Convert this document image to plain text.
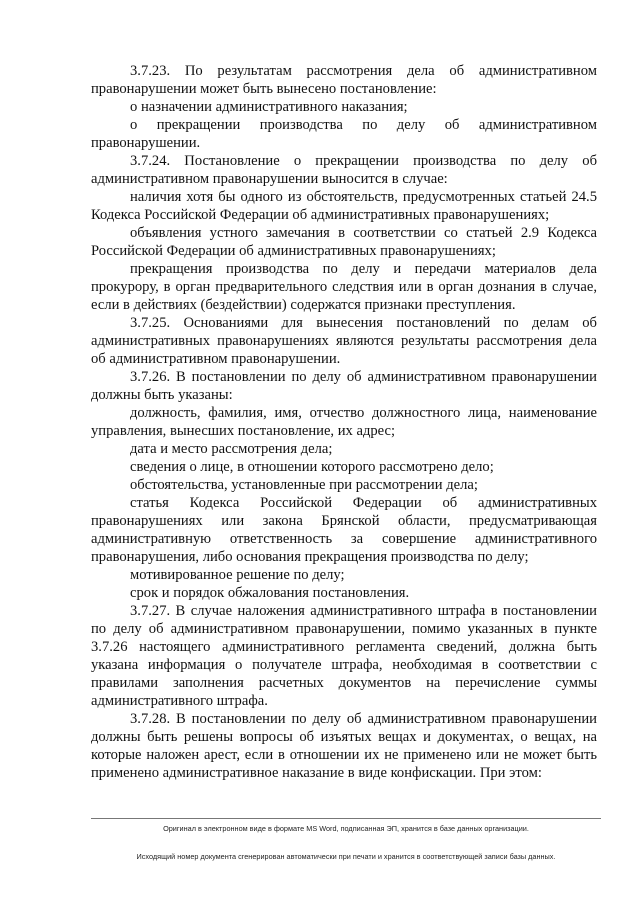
3.7.23. По результатам рассмотрения дела об административном правонарушении может быть вынесено постановление:

о назначении административного наказания;

о прекращении производства по делу об административном правонарушении.

3.7.24. Постановление о прекращении производства по делу об административном правонарушении выносится в случае:

наличия хотя бы одного из обстоятельств, предусмотренных статьей 24.5 Кодекса Российской Федерации об административных правонарушениях;

объявления устного замечания в соответствии со статьей 2.9 Кодекса Российской Федерации об административных правонарушениях;

прекращения производства по делу и передачи материалов дела прокурору, в орган предварительного следствия или в орган дознания в случае, если в действиях (бездействии) содержатся признаки преступления.

3.7.25. Основаниями для вынесения постановлений по делам об административных правонарушениях являются результаты рассмотрения дела об административном правонарушении.

3.7.26. В постановлении по делу об административном правонарушении должны быть указаны:

должность, фамилия, имя, отчество должностного лица, наименование управления, вынесших постановление, их адрес;

дата и место рассмотрения дела;

сведения о лице, в отношении которого рассмотрено дело;

обстоятельства, установленные при рассмотрении дела;

статья Кодекса Российской Федерации об административных правонарушениях или закона Брянской области, предусматривающая административную ответственность за совершение административного правонарушения, либо основания прекращения производства по делу;

мотивированное решение по делу;

срок и порядок обжалования постановления.

3.7.27. В случае наложения административного штрафа в постановлении по делу об административном правонарушении, помимо указанных в пункте 3.7.26 настоящего административного регламента сведений, должна быть указана информация о получателе штрафа, необходимая в соответствии с правилами заполнения расчетных документов на перечисление суммы административного штрафа.

3.7.28. В постановлении по делу об административном правонарушении должны быть решены вопросы об изъятых вещах и документах, о вещах, на которые наложен арест, если в отношении их не применено или не может быть применено административное наказание в виде конфискации. При этом:

Оригинал в электронном виде в формате MS Word, подписанная ЭП, хранится в базе данных организации.
Исходящий номер документа сгенерирован автоматически при печати и хранится в соответствующей записи базы данных.
